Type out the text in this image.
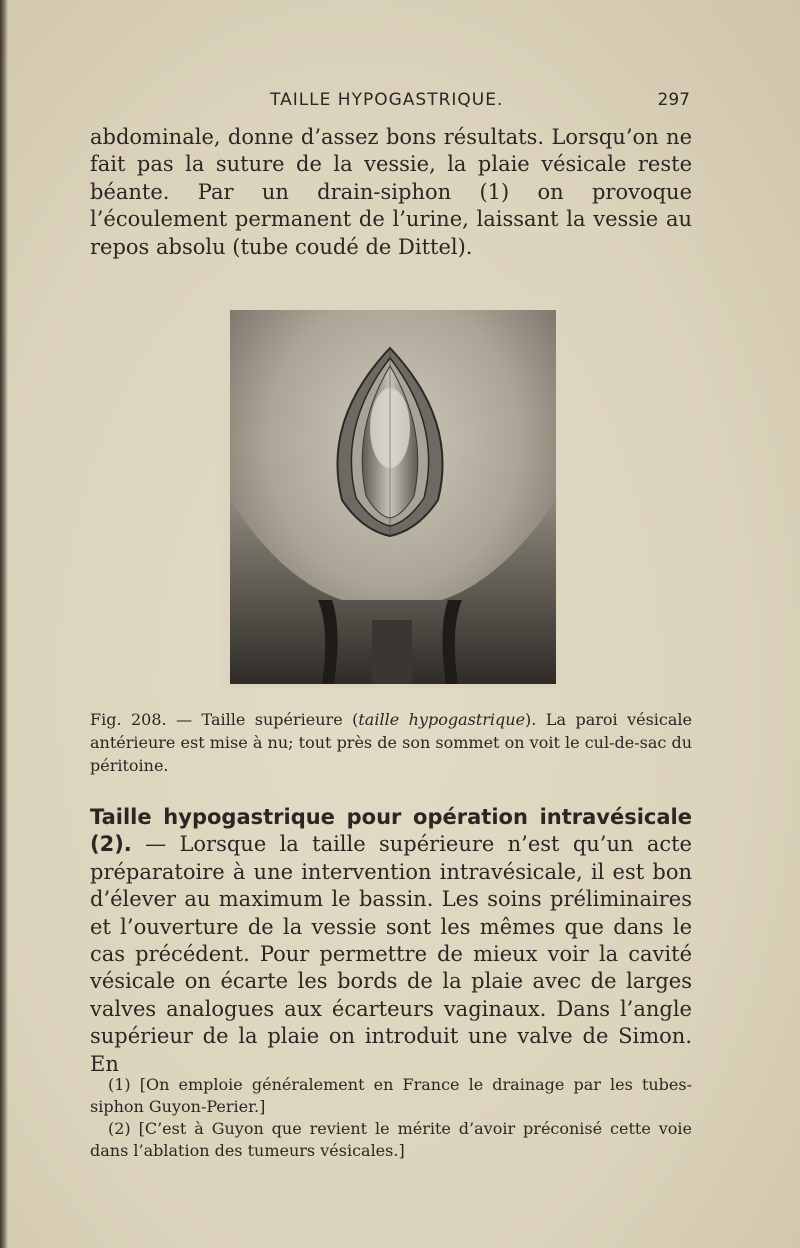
TAILLE HYPOGASTRIQUE.	297

abdominale, donne d’assez bons résultats. Lorsqu’on ne fait pas la suture de la vessie, la plaie vésicale reste béante. Par un drain-siphon (1) on provoque l’écoulement permanent de l’urine, laissant la vessie au repos absolu (tube coudé de Dittel).

Fig. 208. — Taille supérieure (taille hypogastrique). La paroi vésicale antérieure est mise à nu; tout près de son sommet on voit le cul-de-sac du péritoine.

Taille hypogastrique pour opération intravésicale (2). — Lorsque la taille supérieure n’est qu’un acte préparatoire à une intervention intravésicale, il est bon d’élever au maximum le bassin. Les soins préliminaires et l’ouverture de la vessie sont les mêmes que dans le cas précédent. Pour permettre de mieux voir la cavité vésicale on écarte les bords de la plaie avec de larges valves analogues aux écarteurs vaginaux. Dans l’angle supérieur de la plaie on introduit une valve de Simon. En

(1) [On emploie généralement en France le drainage par les tubes-siphon Guyon-Perier.]

(2) [C’est à Guyon que revient le mérite d’avoir préconisé cette voie dans l’ablation des tumeurs vésicales.]
